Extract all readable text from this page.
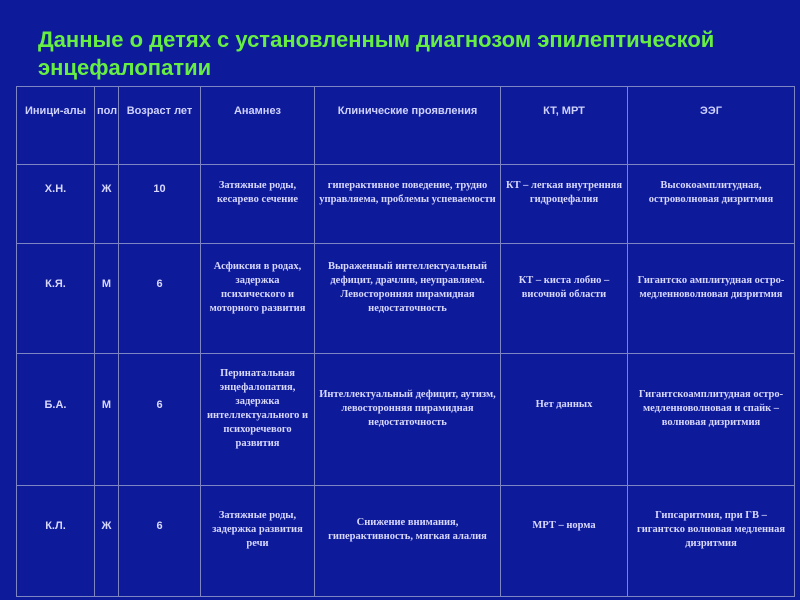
Данные о детях с установленным диагнозом эпилептической
энцефалопатии
Иници-алы	пол	Возраст лет	Анамнез	Клинические проявления	КТ, МРТ	ЭЭГ

Х.Н.	Ж	10	Затяжные роды, кесарево сечение	гиперактивное поведение, трудно управляема, проблемы успеваемости	КТ – легкая внутренняя гидроцефалия	Высокоамплитудная, островолновая дизритмия

К.Я.	М	6	Асфиксия в родах, задержка психического и моторного развития	Выраженный интеллектуальный дефицит, драчлив, неуправляем. Левосторонняя пирамидная недостаточность	КТ – киста лобно – височной области	Гигантско амплитудная остро-медленноволновая дизритмия

Б.А.	М	6	Перинатальная энцефалопатия, задержка интеллектуального и психоречевого развития	Интеллектуальный дефицит, аутизм, левосторонняя пирамидная недостаточность	Нет данных	Гигантскоамплитудная остро- медленноволновая и спайк – волновая дизритмия

К.Л.	Ж	6	Затяжные роды, задержка развития речи	Снижение внимания, гиперактивность, мягкая алалия	МРТ – норма	Гипсаритмия, при ГВ – гигантско волновая медленная дизритмия
